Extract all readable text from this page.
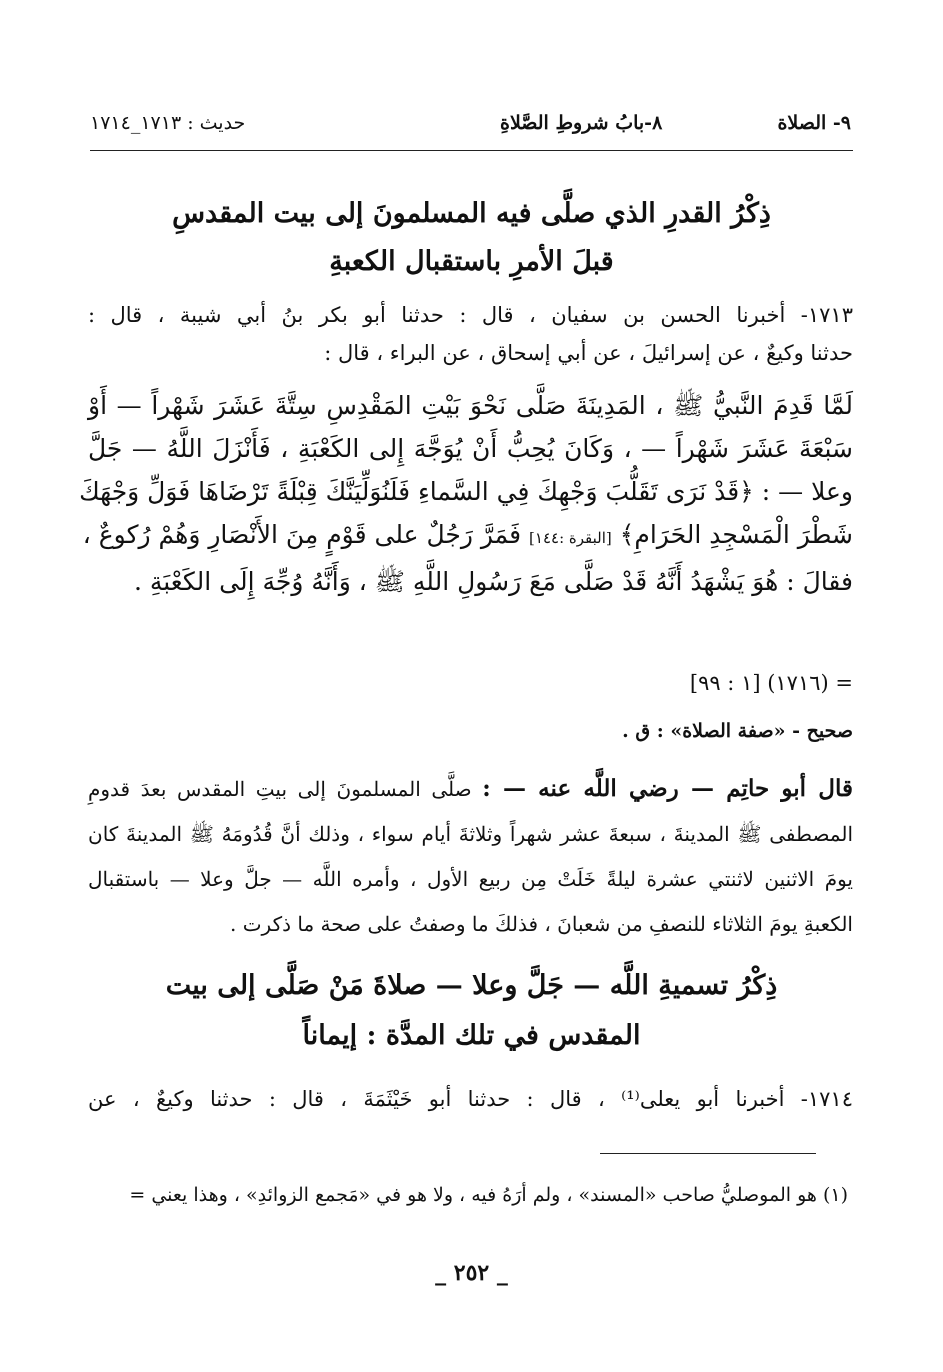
٩- الصلاة
٨-بابُ شروطِ الصَّلاةِ
حديث : ١٧١٣_١٧١٤
ذِكْرُ القدرِ الذي صلَّى فيه المسلمونَ إلى بيت المقدسِ
قبلَ الأمرِ باستقبال الكعبةِ
١٧١٣- أخبرنا الحسن بن سفيان ، قال : حدثنا أبو بكر بنُ أبي شيبة ، قال :
حدثنا وكيعٌ ، عن إسرائيلَ ، عن أبي إسحاق ، عن البراء ، قال :
لَمَّا قَدِمَ النَّبيُّ ﷺ ، المَدِينَةَ صَلَّى نَحْوَ بَيْتِ المَقْدِسِ سِتَّةَ عَشَرَ شَهْراً — أَوْ
سَبْعَةَ عَشَرَ شَهْراً — ، وَكَانَ يُحِبُّ أَنْ يُوَجَّهَ إِلى الكَعْبَةِ ، فَأَنْزَلَ اللَّهُ — جَلَّ
وعلا — : ﴿قَدْ نَرَى تَقَلُّبَ وَجْهِكَ فِي السَّماءِ فَلَنُوَلِّيَنَّكَ قِبْلَةً تَرْضَاهَا فَوَلِّ وَجْهَكَ
شَطْرَ الْمَسْجِدِ الحَرَامِ﴾ [البقرة :١٤٤] فَمَرَّ رَجُلٌ على قَوْمٍ مِنَ الأَنْصَارِ وَهُمْ رُكوعٌ ،
فقالَ : هُوَ يَشْهَدُ أَنَّهُ قَدْ صَلَّى مَعَ رَسُولِ اللَّهِ ﷺ ، وَأَنَّهُ وُجِّهَ إِلَى الكَعْبَةِ .
= (١٧١٦) [١ : ٩٩]
صحيح - «صفة الصلاة» : ق .
قال أبو حاتِم — رضي اللَّه عنه — : صلَّى المسلمونَ إلى بيتِ المقدس بعدَ قدومِ
المصطفى ﷺ المدينةَ ، سبعةَ عشر شهراً وثلاثةَ أيام سواء ، وذلك أنَّ قُدُومَهُ ﷺ المدينةَ كان
يومَ الاثنين لاثنتي عشرة ليلةً خَلَتْ مِن ربيع الأول ، وأمره اللَّه — جلَّ وعلا — باستقبال
الكعبةِ يومَ الثلاثاء للنصفِ من شعبانَ ، فذلكَ ما وصفتُ على صحة ما ذكرت .
ذِكْرُ تسميةِ اللَّه — جَلَّ وعلا — صلاةَ مَنْ صَلَّى إلى بيت
المقدس في تلك المدَّة : إيماناً
١٧١٤- أخبرنا أبو يعلى⁽¹⁾ ، قال : حدثنا أبو خَيْثَمَةَ ، قال : حدثنا وكيعٌ ، عن
(١) هو الموصليُّ صاحب «المسند» ، ولم أرَهُ فيه ، ولا هو في «مَجمع الزوائدِ» ، وهذا يعني =
_ ٢٥٢ _
